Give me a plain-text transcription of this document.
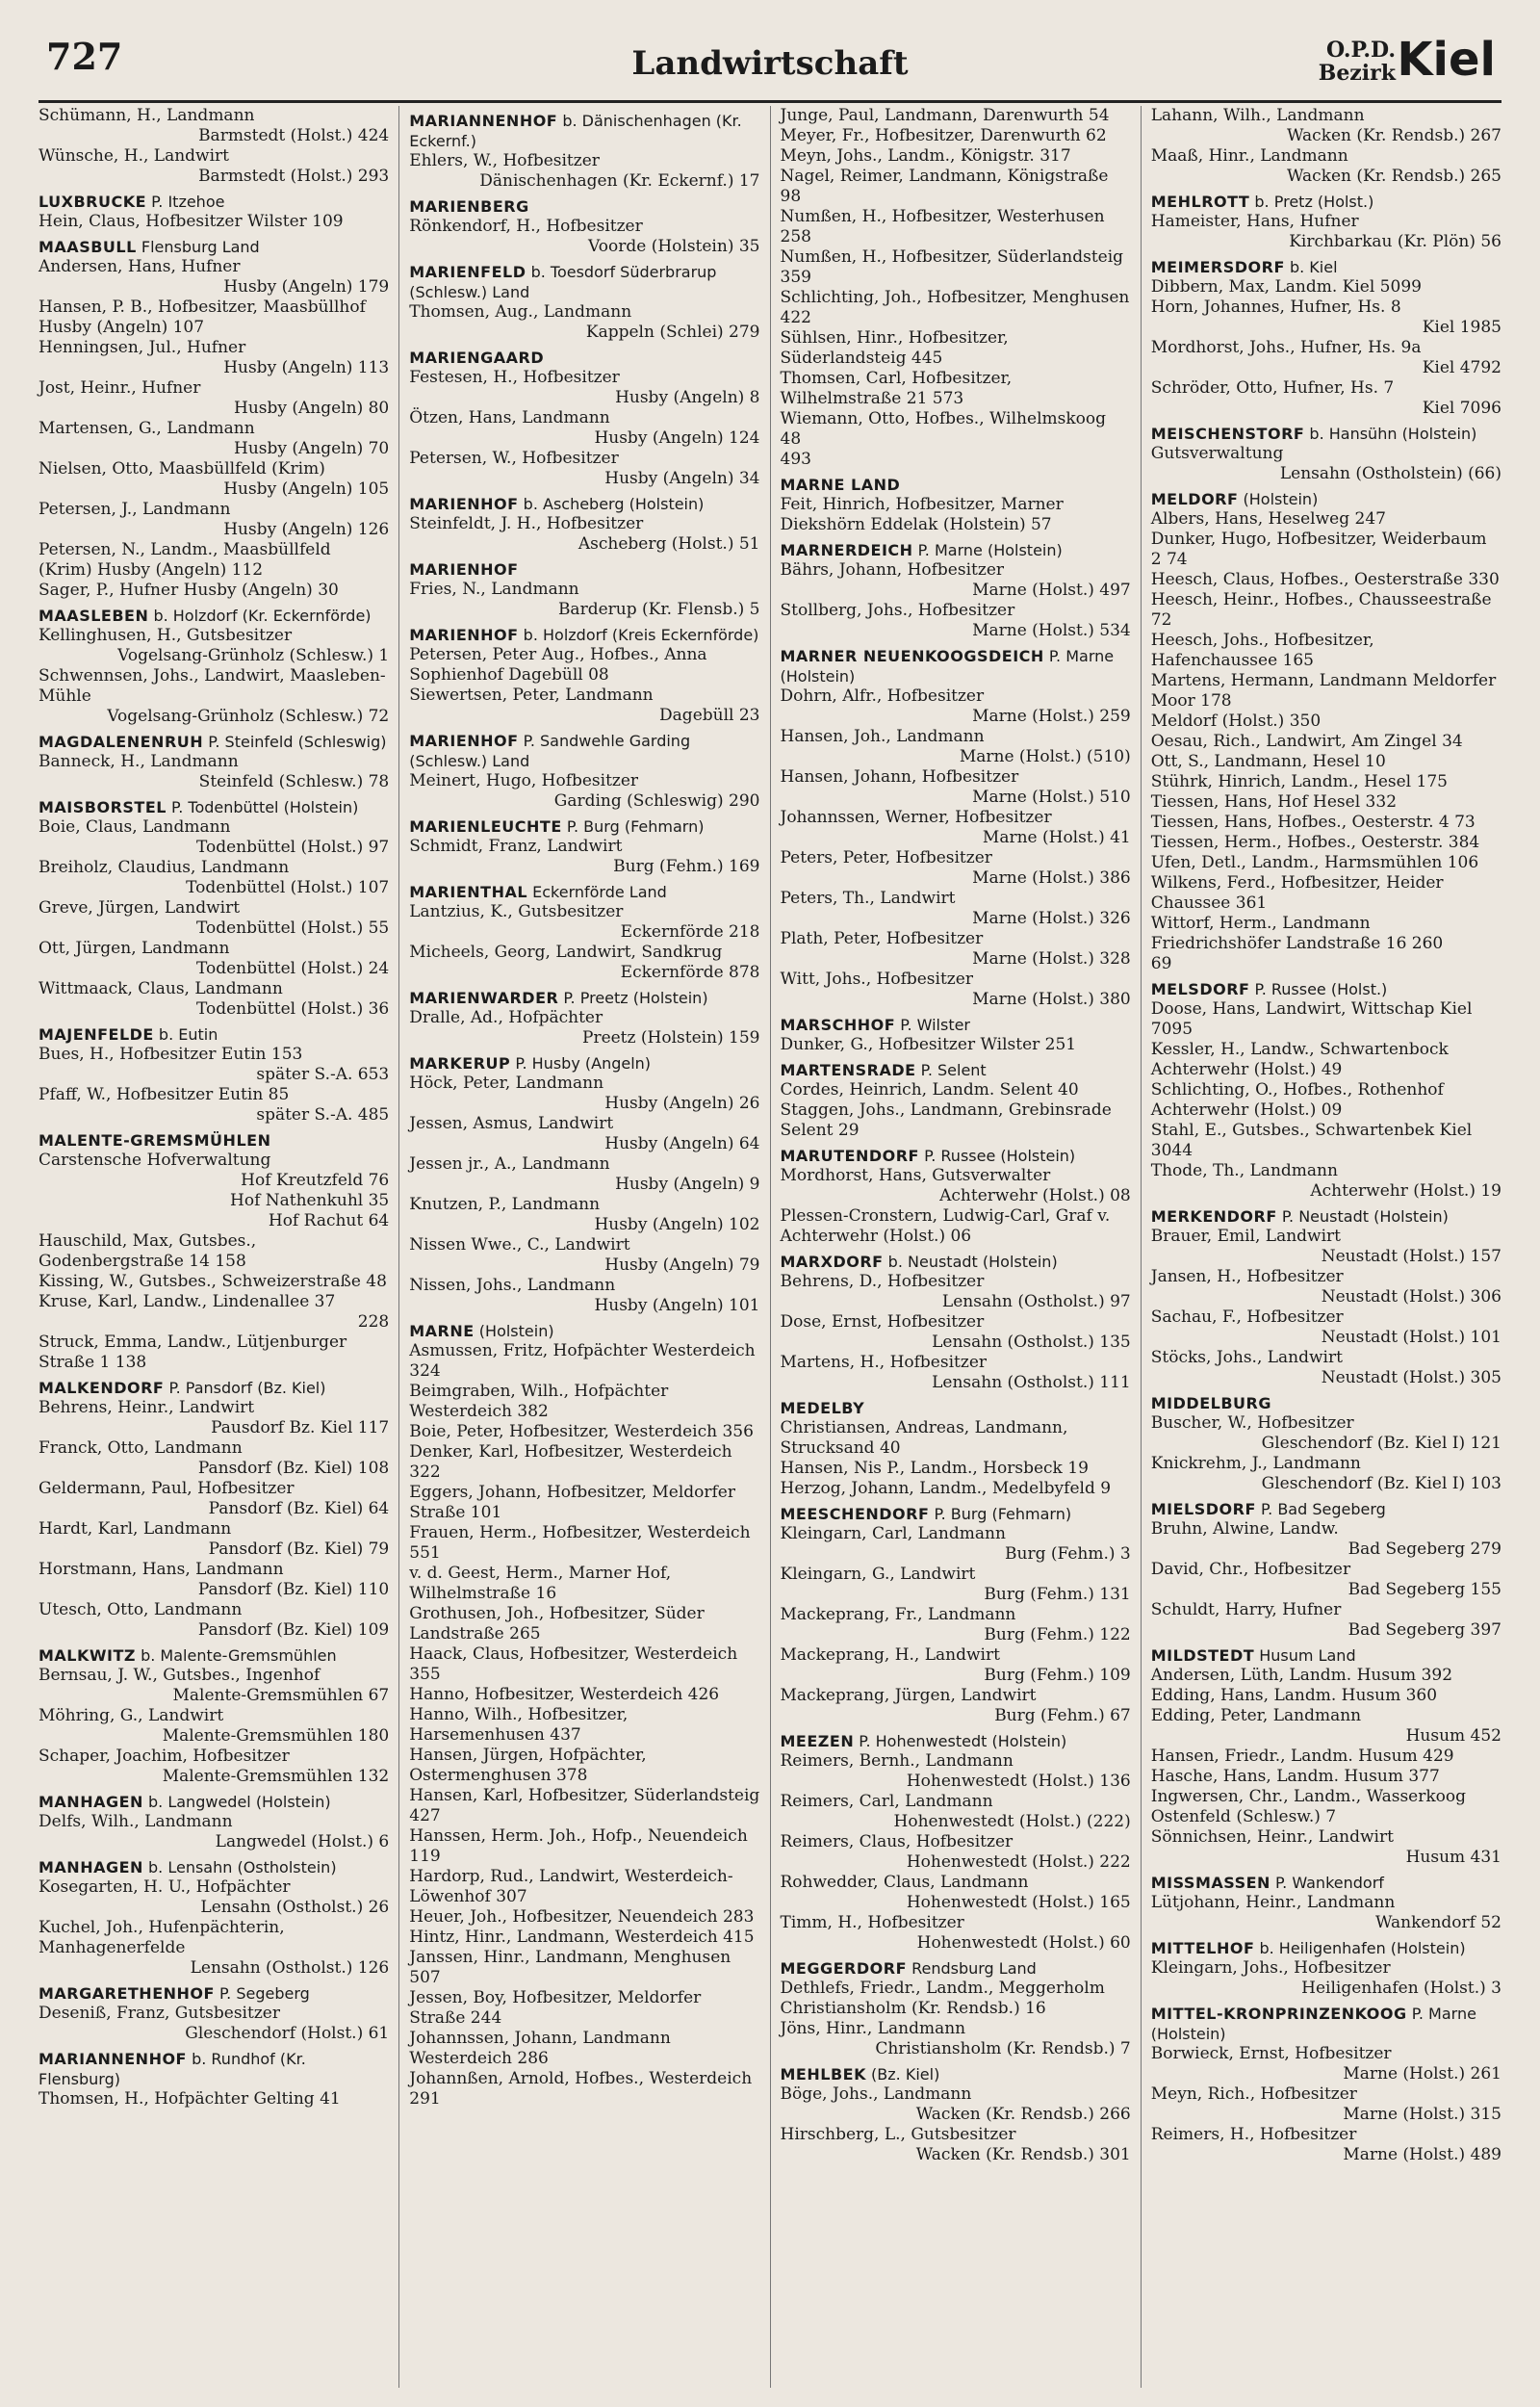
727	Landwirtschaft	O.P.D.
Bezirk Kiel
Schümann, H., Landmann
Barmstedt (Holst.) 424
Wünsche, H., Landwirt
Barmstedt (Holst.) 293
LUXBRUCKE P. Itzehoe
Hein, Claus, Hofbesitzer Wilster 109
MAASBULL Flensburg Land
Andersen, Hans, Hufner
Husby (Angeln) 179
Hansen, P. B., Hofbesitzer, Maasbüllhof Husby (Angeln) 107
Henningsen, Jul., Hufner
Husby (Angeln) 113
Jost, Heinr., Hufner
Husby (Angeln) 80
Martensen, G., Landmann
Husby (Angeln) 70
Nielsen, Otto, Maasbüllfeld (Krim)
Husby (Angeln) 105
Petersen, J., Landmann
Husby (Angeln) 126
Petersen, N., Landm., Maasbüllfeld (Krim) Husby (Angeln) 112
Sager, P., Hufner Husby (Angeln) 30
MAASLEBEN b. Holzdorf (Kr. Eckernförde)
Kellinghusen, H., Gutsbesitzer
Vogelsang-Grünholz (Schlesw.) 1
Schwennsen, Johs., Landwirt, Maasleben-Mühle
Vogelsang-Grünholz (Schlesw.) 72
MAGDALENENRUH P. Steinfeld (Schleswig)
Banneck, H., Landmann
Steinfeld (Schlesw.) 78
MAISBORSTEL P. Todenbüttel (Holstein)
Boie, Claus, Landmann
Todenbüttel (Holst.) 97
Breiholz, Claudius, Landmann
Todenbüttel (Holst.) 107
Greve, Jürgen, Landwirt
Todenbüttel (Holst.) 55
Ott, Jürgen, Landmann
Todenbüttel (Holst.) 24
Wittmaack, Claus, Landmann
Todenbüttel (Holst.) 36
MAJENFELDE b. Eutin
Bues, H., Hofbesitzer Eutin 153
später S.-A. 653
Pfaff, W., Hofbesitzer Eutin 85
später S.-A. 485
MALENTE-GREMSMÜHLEN
Carstensche Hofverwaltung
Hof Kreutzfeld 76
Hof Nathenkuhl 35
Hof Rachut 64
Hauschild, Max, Gutsbes., Godenbergstraße 14 158
Kissing, W., Gutsbes., Schweizerstraße 48
Kruse, Karl, Landw., Lindenallee 37
228
Struck, Emma, Landw., Lütjenburger Straße 1 138
MALKENDORF P. Pansdorf (Bz. Kiel)
Behrens, Heinr., Landwirt
Pausdorf Bz. Kiel 117
Franck, Otto, Landmann
Pansdorf (Bz. Kiel) 108
Geldermann, Paul, Hofbesitzer
Pansdorf (Bz. Kiel) 64
Hardt, Karl, Landmann
Pansdorf (Bz. Kiel) 79
Horstmann, Hans, Landmann
Pansdorf (Bz. Kiel) 110
Utesch, Otto, Landmann
Pansdorf (Bz. Kiel) 109
MALKWITZ b. Malente-Gremsmühlen
Bernsau, J. W., Gutsbes., Ingenhof
Malente-Gremsmühlen 67
Möhring, G., Landwirt
Malente-Gremsmühlen 180
Schaper, Joachim, Hofbesitzer
Malente-Gremsmühlen 132
MANHAGEN b. Langwedel (Holstein)
Delfs, Wilh., Landmann
Langwedel (Holst.) 6
MANHAGEN b. Lensahn (Ostholstein)
Kosegarten, H. U., Hofpächter
Lensahn (Ostholst.) 26
Kuchel, Joh., Hufenpächterin, Manhagenerfelde
Lensahn (Ostholst.) 126
MARGARETHENHOF P. Segeberg
Deseniß, Franz, Gutsbesitzer
Gleschendorf (Holst.) 61
MARIANNENHOF b. Rundhof (Kr. Flensburg)
Thomsen, H., Hofpächter Gelting 41
MARIANNENHOF b. Dänischenhagen (Kr. Eckernf.)
Ehlers, W., Hofbesitzer
Dänischenhagen (Kr. Eckernf.) 17
MARIENBERG
Rönkendorf, H., Hofbesitzer
Voorde (Holstein) 35
MARIENFELD b. Toesdorf Süderbrarup (Schlesw.) Land
Thomsen, Aug., Landmann
Kappeln (Schlei) 279
MARIENGAARD
Festesen, H., Hofbesitzer
Husby (Angeln) 8
Ötzen, Hans, Landmann
Husby (Angeln) 124
Petersen, W., Hofbesitzer
Husby (Angeln) 34
MARIENHOF b. Ascheberg (Holstein)
Steinfeldt, J. H., Hofbesitzer
Ascheberg (Holst.) 51
MARIENHOF
Fries, N., Landmann
Barderup (Kr. Flensb.) 5
MARIENHOF b. Holzdorf (Kreis Eckernförde)
Petersen, Peter Aug., Hofbes., Anna Sophienhof Dagebüll 08
Siewertsen, Peter, Landmann
Dagebüll 23
MARIENHOF P. Sandwehle Garding (Schlesw.) Land
Meinert, Hugo, Hofbesitzer
Garding (Schleswig) 290
MARIENLEUCHTE P. Burg (Fehmarn)
Schmidt, Franz, Landwirt
Burg (Fehm.) 169
MARIENTHAL Eckernförde Land
Lantzius, K., Gutsbesitzer
Eckernförde 218
Micheels, Georg, Landwirt, Sandkrug
Eckernförde 878
MARIENWARDER P. Preetz (Holstein)
Dralle, Ad., Hofpächter
Preetz (Holstein) 159
MARKERUP P. Husby (Angeln)
Höck, Peter, Landmann
Husby (Angeln) 26
Jessen, Asmus, Landwirt
Husby (Angeln) 64
Jessen jr., A., Landmann
Husby (Angeln) 9
Knutzen, P., Landmann
Husby (Angeln) 102
Nissen Wwe., C., Landwirt
Husby (Angeln) 79
Nissen, Johs., Landmann
Husby (Angeln) 101
MARNE (Holstein)
Asmussen, Fritz, Hofpächter Westerdeich 324
Beimgraben, Wilh., Hofpächter Westerdeich 382
Boie, Peter, Hofbesitzer, Westerdeich 356
Denker, Karl, Hofbesitzer, Westerdeich 322
Eggers, Johann, Hofbesitzer, Meldorfer Straße 101
Frauen, Herm., Hofbesitzer, Westerdeich 551
v. d. Geest, Herm., Marner Hof, Wilhelmstraße 16
Grothusen, Joh., Hofbesitzer, Süder Landstraße 265
Haack, Claus, Hofbesitzer, Westerdeich 355
Hanno, Hofbesitzer, Westerdeich 426
Hanno, Wilh., Hofbesitzer, Harsemenhusen 437
Hansen, Jürgen, Hofpächter, Ostermenghusen 378
Hansen, Karl, Hofbesitzer, Süderlandsteig 427
Hanssen, Herm. Joh., Hofp., Neuendeich 119
Hardorp, Rud., Landwirt, Westerdeich-Löwenhof 307
Heuer, Joh., Hofbesitzer, Neuendeich 283
Hintz, Hinr., Landmann, Westerdeich 415
Janssen, Hinr., Landmann, Menghusen 507
Jessen, Boy, Hofbesitzer, Meldorfer Straße 244
Johannssen, Johann, Landmann Westerdeich 286
Johannßen, Arnold, Hofbes., Westerdeich 291
Junge, Paul, Landmann, Darenwurth 54
Meyer, Fr., Hofbesitzer, Darenwurth 62
Meyn, Johs., Landm., Königstr. 317
Nagel, Reimer, Landmann, Königstraße 98
Numßen, H., Hofbesitzer, Westerhusen 258
Numßen, H., Hofbesitzer, Süderlandsteig 359
Schlichting, Joh., Hofbesitzer, Menghusen 422
Sühlsen, Hinr., Hofbesitzer, Süderlandsteig 445
Thomsen, Carl, Hofbesitzer, Wilhelmstraße 21 573
Wiemann, Otto, Hofbes., Wilhelmskoog 48
493
MARNE LAND
Feit, Hinrich, Hofbesitzer, Marner Diekshörn Eddelak (Holstein) 57
MARNERDEICH P. Marne (Holstein)
Bährs, Johann, Hofbesitzer
Marne (Holst.) 497
Stollberg, Johs., Hofbesitzer
Marne (Holst.) 534
MARNER NEUENKOOGSDEICH P. Marne (Holstein)
Dohrn, Alfr., Hofbesitzer
Marne (Holst.) 259
Hansen, Joh., Landmann
Marne (Holst.) (510)
Hansen, Johann, Hofbesitzer
Marne (Holst.) 510
Johannssen, Werner, Hofbesitzer
Marne (Holst.) 41
Peters, Peter, Hofbesitzer
Marne (Holst.) 386
Peters, Th., Landwirt
Marne (Holst.) 326
Plath, Peter, Hofbesitzer
Marne (Holst.) 328
Witt, Johs., Hofbesitzer
Marne (Holst.) 380
MARSCHHOF P. Wilster
Dunker, G., Hofbesitzer Wilster 251
MARTENSRADE P. Selent
Cordes, Heinrich, Landm. Selent 40
Staggen, Johs., Landmann, Grebinsrade Selent 29
MARUTENDORF P. Russee (Holstein)
Mordhorst, Hans, Gutsverwalter
Achterwehr (Holst.) 08
Plessen-Cronstern, Ludwig-Carl, Graf v. Achterwehr (Holst.) 06
MARXDORF b. Neustadt (Holstein)
Behrens, D., Hofbesitzer
Lensahn (Ostholst.) 97
Dose, Ernst, Hofbesitzer
Lensahn (Ostholst.) 135
Martens, H., Hofbesitzer
Lensahn (Ostholst.) 111
MEDELBY
Christiansen, Andreas, Landmann, Strucksand 40
Hansen, Nis P., Landm., Horsbeck 19
Herzog, Johann, Landm., Medelbyfeld 9
MEESCHENDORF P. Burg (Fehmarn)
Kleingarn, Carl, Landmann
Burg (Fehm.) 3
Kleingarn, G., Landwirt
Burg (Fehm.) 131
Mackeprang, Fr., Landmann
Burg (Fehm.) 122
Mackeprang, H., Landwirt
Burg (Fehm.) 109
Mackeprang, Jürgen, Landwirt
Burg (Fehm.) 67
MEEZEN P. Hohenwestedt (Holstein)
Reimers, Bernh., Landmann
Hohenwestedt (Holst.) 136
Reimers, Carl, Landmann
Hohenwestedt (Holst.) (222)
Reimers, Claus, Hofbesitzer
Hohenwestedt (Holst.) 222
Rohwedder, Claus, Landmann
Hohenwestedt (Holst.) 165
Timm, H., Hofbesitzer
Hohenwestedt (Holst.) 60
MEGGERDORF Rendsburg Land
Dethlefs, Friedr., Landm., Meggerholm Christiansholm (Kr. Rendsb.) 16
Jöns, Hinr., Landmann
Christiansholm (Kr. Rendsb.) 7
MEHLBEK (Bz. Kiel)
Böge, Johs., Landmann
Wacken (Kr. Rendsb.) 266
Hirschberg, L., Gutsbesitzer
Wacken (Kr. Rendsb.) 301
Lahann, Wilh., Landmann
Wacken (Kr. Rendsb.) 267
Maaß, Hinr., Landmann
Wacken (Kr. Rendsb.) 265
MEHLROTT b. Pretz (Holst.)
Hameister, Hans, Hufner
Kirchbarkau (Kr. Plön) 56
MEIMERSDORF b. Kiel
Dibbern, Max, Landm. Kiel 5099
Horn, Johannes, Hufner, Hs. 8
Kiel 1985
Mordhorst, Johs., Hufner, Hs. 9a
Kiel 4792
Schröder, Otto, Hufner, Hs. 7
Kiel 7096
MEISCHENSTORF b. Hansühn (Holstein)
Gutsverwaltung
Lensahn (Ostholstein) (66)
MELDORF (Holstein)
Albers, Hans, Heselweg 247
Dunker, Hugo, Hofbesitzer, Weiderbaum 2 74
Heesch, Claus, Hofbes., Oesterstraße 330
Heesch, Heinr., Hofbes., Chausseestraße 72
Heesch, Johs., Hofbesitzer, Hafenchaussee 165
Martens, Hermann, Landmann Meldorfer Moor 178
Meldorf (Holst.) 350
Oesau, Rich., Landwirt, Am Zingel 34
Ott, S., Landmann, Hesel 10
Stührk, Hinrich, Landm., Hesel 175
Tiessen, Hans, Hof Hesel 332
Tiessen, Hans, Hofbes., Oesterstr. 4 73
Tiessen, Herm., Hofbes., Oesterstr. 384
Ufen, Detl., Landm., Harmsmühlen 106
Wilkens, Ferd., Hofbesitzer, Heider Chaussee 361
Wittorf, Herm., Landmann Friedrichshöfer Landstraße 16 260
69
MELSDORF P. Russee (Holst.)
Doose, Hans, Landwirt, Wittschap Kiel 7095
Kessler, H., Landw., Schwartenbock Achterwehr (Holst.) 49
Schlichting, O., Hofbes., Rothenhof Achterwehr (Holst.) 09
Stahl, E., Gutsbes., Schwartenbek Kiel 3044
Thode, Th., Landmann
Achterwehr (Holst.) 19
MERKENDORF P. Neustadt (Holstein)
Brauer, Emil, Landwirt
Neustadt (Holst.) 157
Jansen, H., Hofbesitzer
Neustadt (Holst.) 306
Sachau, F., Hofbesitzer
Neustadt (Holst.) 101
Stöcks, Johs., Landwirt
Neustadt (Holst.) 305
MIDDELBURG
Buscher, W., Hofbesitzer
Gleschendorf (Bz. Kiel I) 121
Knickrehm, J., Landmann
Gleschendorf (Bz. Kiel I) 103
MIELSDORF P. Bad Segeberg
Bruhn, Alwine, Landw.
Bad Segeberg 279
David, Chr., Hofbesitzer
Bad Segeberg 155
Schuldt, Harry, Hufner
Bad Segeberg 397
MILDSTEDT Husum Land
Andersen, Lüth, Landm. Husum 392
Edding, Hans, Landm. Husum 360
Edding, Peter, Landmann
Husum 452
Hansen, Friedr., Landm. Husum 429
Hasche, Hans, Landm. Husum 377
Ingwersen, Chr., Landm., Wasserkoog Ostenfeld (Schlesw.) 7
Sönnichsen, Heinr., Landwirt
Husum 431
MISSMASSEN P. Wankendorf
Lütjohann, Heinr., Landmann
Wankendorf 52
MITTELHOF b. Heiligenhafen (Holstein)
Kleingarn, Johs., Hofbesitzer
Heiligenhafen (Holst.) 3
MITTEL-KRONPRINZENKOOG P. Marne (Holstein)
Borwieck, Ernst, Hofbesitzer
Marne (Holst.) 261
Meyn, Rich., Hofbesitzer
Marne (Holst.) 315
Reimers, H., Hofbesitzer
Marne (Holst.) 489
